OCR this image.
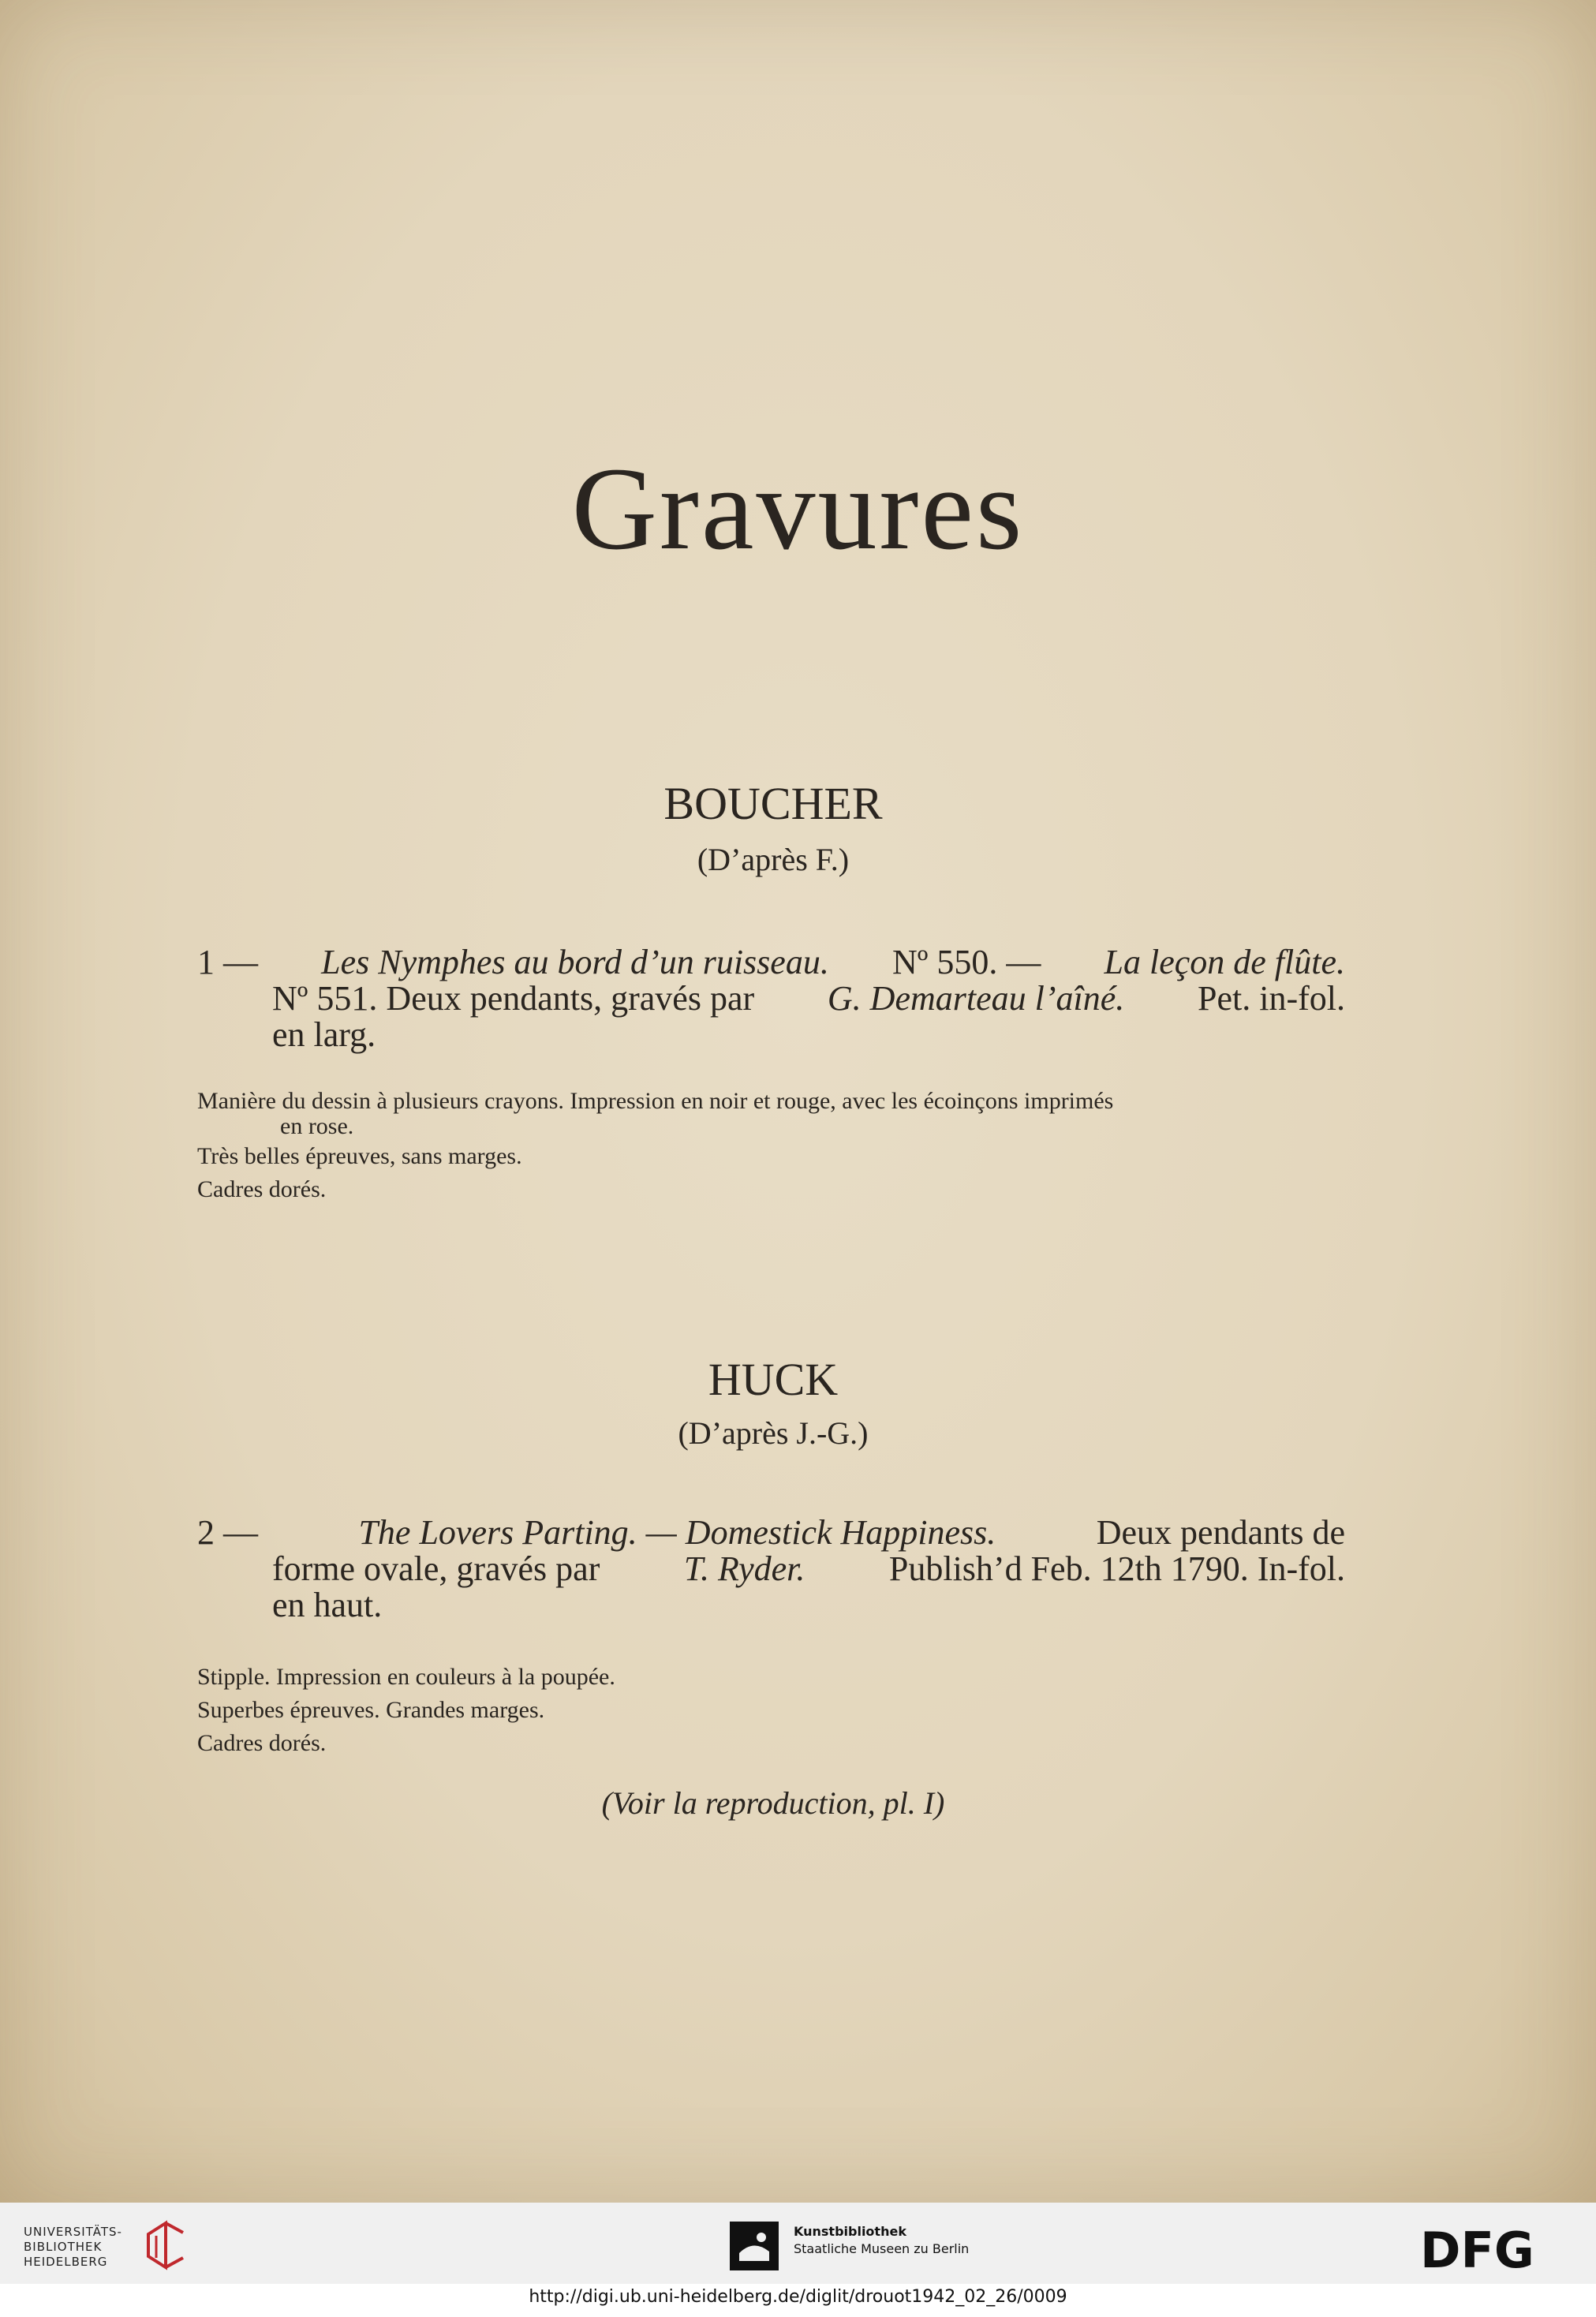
Gravures
BOUCHER
(D’après F.)
1 — Les Nymphes au bord d’un ruisseau. Nº 550. — La leçon de flûte.
Nº 551. Deux pendants, gravés par G. Demarteau l’aîné. Pet. in-fol.
en larg.
Manière du dessin à plusieurs crayons. Impression en noir et rouge, avec les écoinçons imprimés
en rose.
Très belles épreuves, sans marges.
Cadres dorés.
HUCK
(D’après J.-G.)
2 —	The Lovers Parting. — Domestick Happiness.	Deux pendants de
forme ovale, gravés par T. Ryder. Publish’d Feb. 12th 1790. In-fol.
en haut.
Stipple. Impression en couleurs à la poupée.
Superbes épreuves. Grandes marges.
Cadres dorés.
(Voir la reproduction, pl. I)
UNIVERSITÄTS-
BIBLIOTHEK
HEIDELBERG
Kunstbibliothek
Staatliche Museen zu Berlin	DFG
http://digi.ub.uni-heidelberg.de/diglit/drouot1942_02_26/0009
